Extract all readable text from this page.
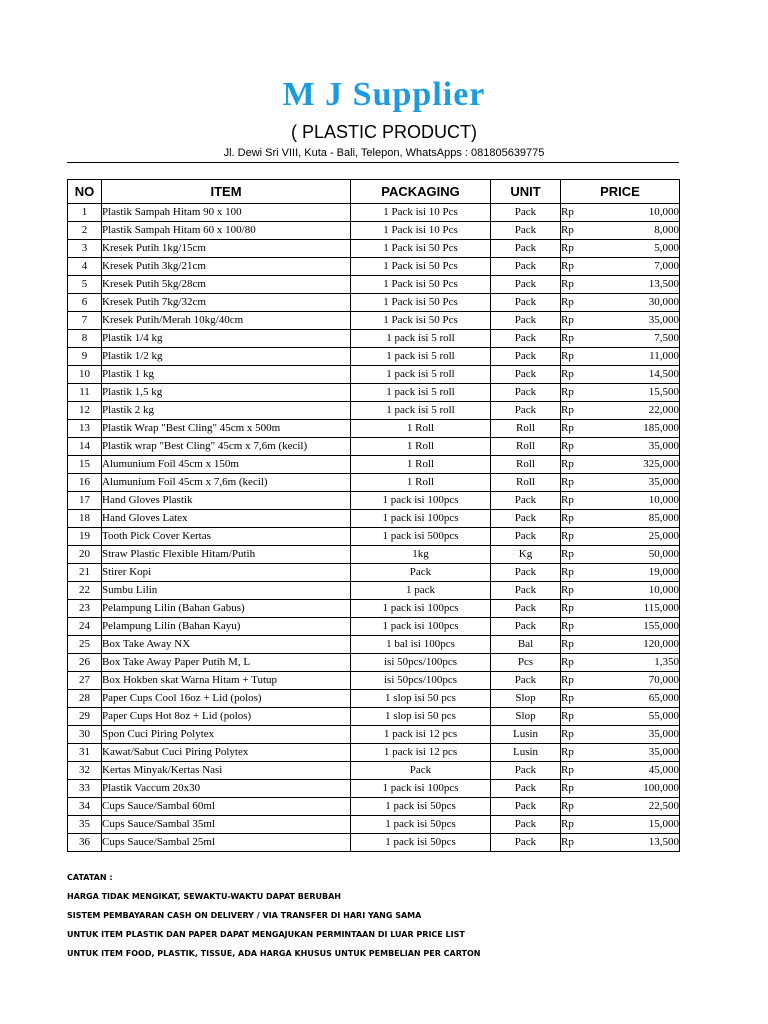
M J Supplier
( PLASTIC PRODUCT)
Jl. Dewi Sri VIII, Kuta - Bali, Telepon, WhatsApps : 081805639775
NO	ITEM	PACKAGING	UNIT	PRICE
1	Plastik Sampah Hitam 90 x 100	1 Pack isi 10 Pcs	Pack	Rp 10,000

2	Plastik Sampah Hitam 60 x 100/80	1 Pack isi 10 Pcs	Pack	Rp 8,000

3	Kresek Putih 1kg/15cm	1 Pack isi 50 Pcs	Pack	Rp 5,000

4	Kresek Putih 3kg/21cm	1 Pack isi 50 Pcs	Pack	Rp 7,000

5	Kresek Putih 5kg/28cm	1 Pack isi 50 Pcs	Pack	Rp 13,500

6	Kresek Putih 7kg/32cm	1 Pack isi 50 Pcs	Pack	Rp 30,000

7	Kresek Putih/Merah 10kg/40cm	1 Pack isi 50 Pcs	Pack	Rp 35,000

8	Plastik 1/4 kg	1 pack isi 5 roll	Pack	Rp 7,500

9	Plastik 1/2 kg	1 pack isi 5 roll	Pack	Rp 11,000

10	Plastik 1 kg	1 pack isi 5 roll	Pack	Rp 14,500

11	Plastik 1,5 kg	1 pack isi 5 roll	Pack	Rp 15,500

12	Plastik 2 kg	1 pack isi 5 roll	Pack	Rp 22,000

13	Plastik Wrap "Best Cling" 45cm x 500m	1 Roll	Roll	Rp 185,000

14	Plastik wrap "Best Cling" 45cm x 7,6m (kecil)	1 Roll	Roll	Rp 35,000

15	Alumunium Foil 45cm x 150m	1 Roll	Roll	Rp 325,000

16	Alumunium Foil 45cm x 7,6m (kecil)	1 Roll	Roll	Rp 35,000

17	Hand Gloves Plastik	1 pack isi 100pcs	Pack	Rp 10,000

18	Hand Gloves Latex	1 pack isi 100pcs	Pack	Rp 85,000

19	Tooth Pick Cover Kertas	1 pack isi 500pcs	Pack	Rp 25,000

20	Straw Plastic Flexible Hitam/Putih	1kg	Kg	Rp 50,000

21	Stirer Kopi	Pack	Pack	Rp 19,000

22	Sumbu Lilin	1 pack	Pack	Rp 10,000

23	Pelampung Lilin (Bahan Gabus)	1 pack isi 100pcs	Pack	Rp 115,000

24	Pelampung Lilin (Bahan Kayu)	1 pack isi 100pcs	Pack	Rp 155,000

25	Box Take Away NX	1 bal isi 100pcs	Bal	Rp 120,000

26	Box Take Away Paper Putih M, L	isi 50pcs/100pcs	Pcs	Rp 1,350

27	Box Hokben skat Warna Hitam + Tutup	isi 50pcs/100pcs	Pack	Rp 70,000

28	Paper Cups Cool 16oz + Lid (polos)	1 slop isi 50 pcs	Slop	Rp 65,000

29	Paper Cups Hot 8oz + Lid (polos)	1 slop isi 50 pcs	Slop	Rp 55,000

30	Spon Cuci Piring Polytex	1 pack isi 12 pcs	Lusin	Rp 35,000

31	Kawat/Sabut Cuci Piring Polytex	1 pack isi 12 pcs	Lusin	Rp 35,000

32	Kertas Minyak/Kertas Nasi	Pack	Pack	Rp 45,000

33	Plastik Vaccum 20x30	1 pack isi 100pcs	Pack	Rp 100,000

34	Cups Sauce/Sambal 60ml	1 pack isi 50pcs	Pack	Rp 22,500

35	Cups Sauce/Sambal 35ml	1 pack isi 50pcs	Pack	Rp 15,000

36	Cups Sauce/Sambal 25ml	1 pack isi 50pcs	Pack	Rp 13,500
CATATAN :
HARGA TIDAK MENGIKAT, SEWAKTU-WAKTU DAPAT BERUBAH
SISTEM PEMBAYARAN CASH ON DELIVERY / VIA TRANSFER DI HARI YANG SAMA
UNTUK ITEM PLASTIK DAN PAPER DAPAT MENGAJUKAN PERMINTAAN DI LUAR PRICE LIST
UNTUK ITEM FOOD, PLASTIK, TISSUE, ADA HARGA KHUSUS UNTUK PEMBELIAN PER CARTON
